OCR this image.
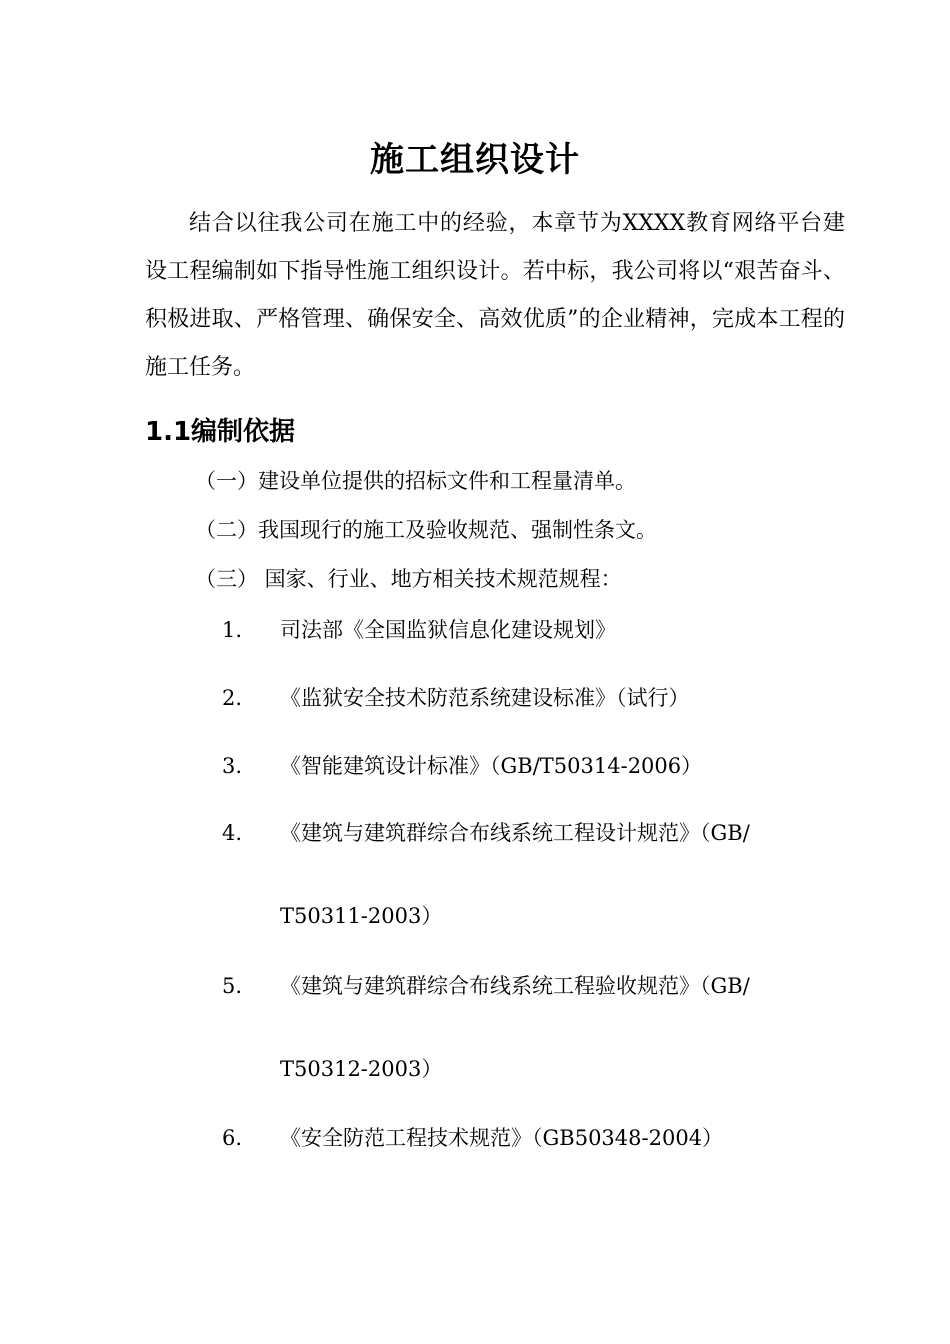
施工组织设计
结合以往我公司在施工中的经验，本章节为XXXX教育网络平台建设工程编制如下指导性施工组织设计。若中标，我公司将以“艰苦奋斗、积极进取、严格管理、确保安全、高效优质”的企业精神，完成本工程的施工任务。
1.1编制依据
（一）建设单位提供的招标文件和工程量清单。
（二）我国现行的施工及验收规范、强制性条文。
（三） 国家、行业、地方相关技术规范规程：
1. 司法部《全国监狱信息化建设规划》
2. 《监狱安全技术防范系统建设标准》（试行）
3. 《智能建筑设计标准》（GB/T50314-2006）
4. 《建筑与建筑群综合布线系统工程设计规范》（GB/
T50311-2003）
5. 《建筑与建筑群综合布线系统工程验收规范》（GB/
T50312-2003）
6. 《安全防范工程技术规范》（GB50348-2004）
